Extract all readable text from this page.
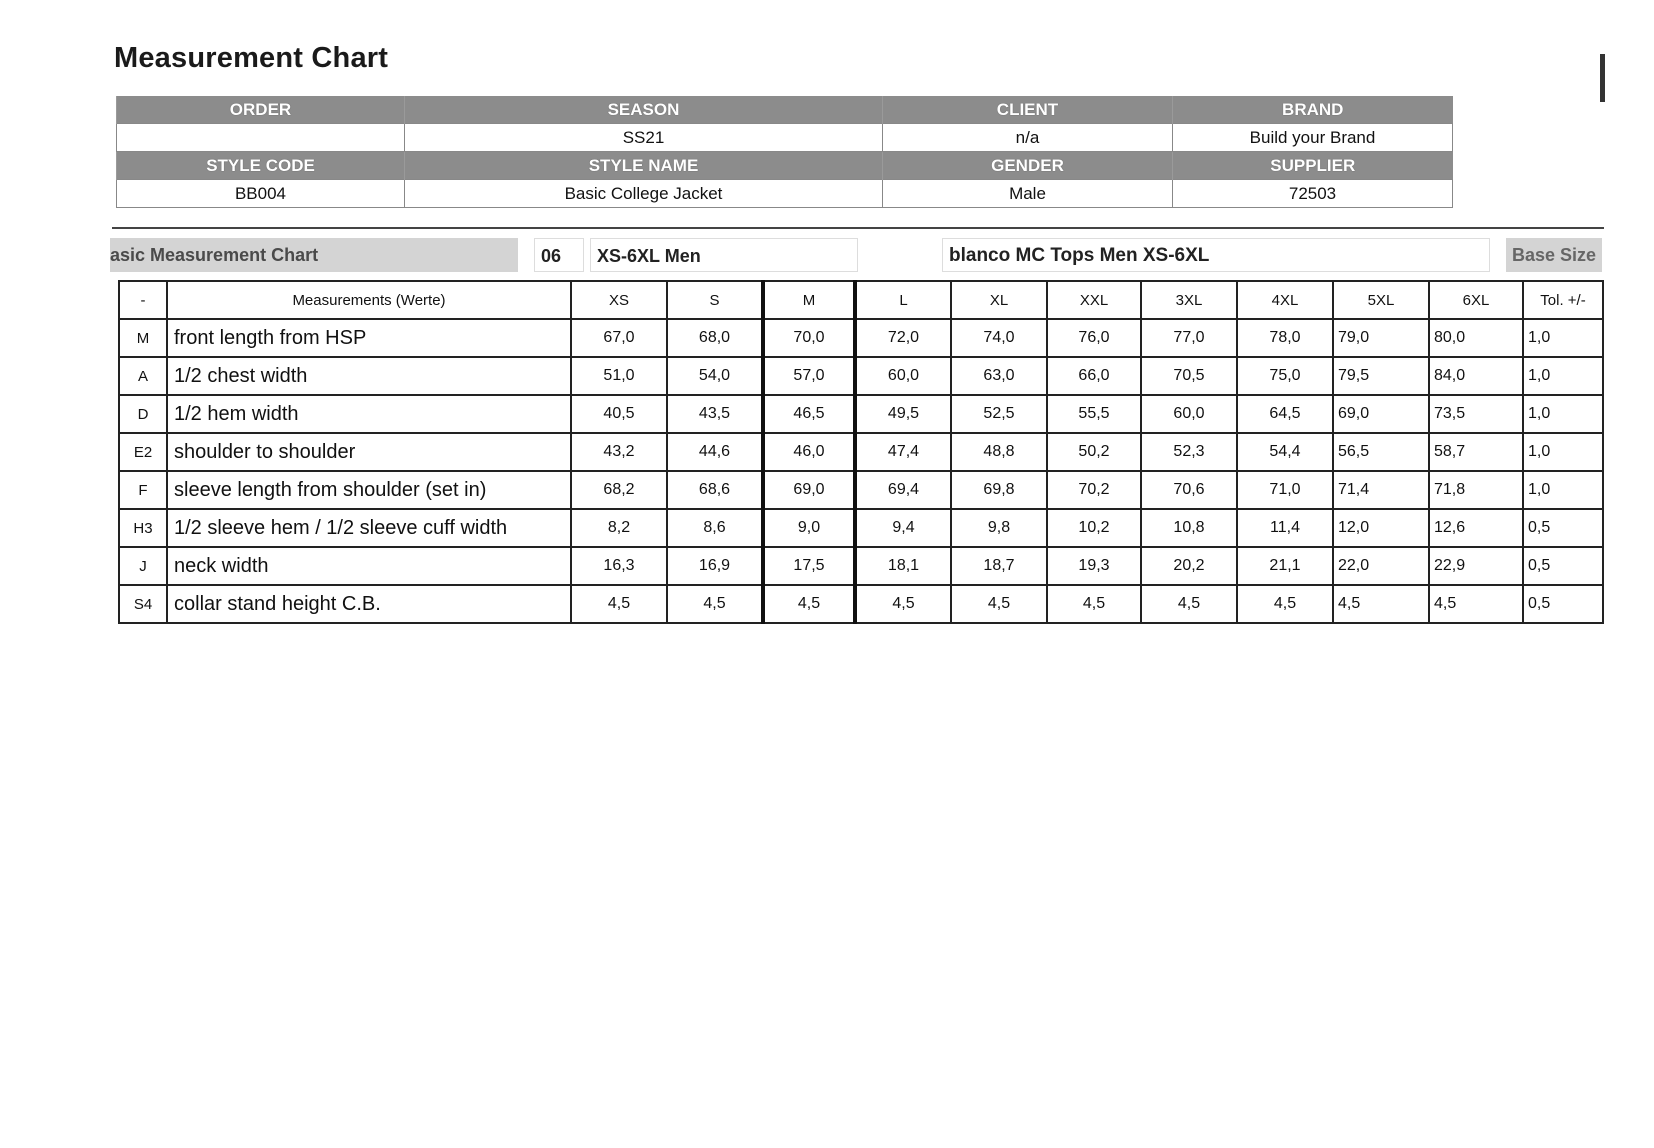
Measurement Chart
ORDER	SEASON	CLIENT	BRAND
	SS21	n/a	Build your Brand
STYLE CODE	STYLE NAME	GENDER	SUPPLIER
BB004	Basic College Jacket	Male	72503
asic Measurement Chart	06	XS-6XL Men	blanco MC Tops Men XS-6XL	Base Size
-	Measurements (Werte)	XS	S	M	L	XL	XXL	3XL	4XL	5XL	6XL	Tol. +/-
M	front length from HSP	67,0	68,0	70,0	72,0	74,0	76,0	77,0	78,0	79,0	80,0	1,0
A	1/2 chest width	51,0	54,0	57,0	60,0	63,0	66,0	70,5	75,0	79,5	84,0	1,0
D	1/2 hem width	40,5	43,5	46,5	49,5	52,5	55,5	60,0	64,5	69,0	73,5	1,0
E2	shoulder to shoulder	43,2	44,6	46,0	47,4	48,8	50,2	52,3	54,4	56,5	58,7	1,0
F	sleeve length from shoulder (set in)	68,2	68,6	69,0	69,4	69,8	70,2	70,6	71,0	71,4	71,8	1,0
H3	1/2 sleeve hem / 1/2 sleeve cuff width	8,2	8,6	9,0	9,4	9,8	10,2	10,8	11,4	12,0	12,6	0,5
J	neck width	16,3	16,9	17,5	18,1	18,7	19,3	20,2	21,1	22,0	22,9	0,5
S4	collar stand height C.B.	4,5	4,5	4,5	4,5	4,5	4,5	4,5	4,5	4,5	4,5	0,5
